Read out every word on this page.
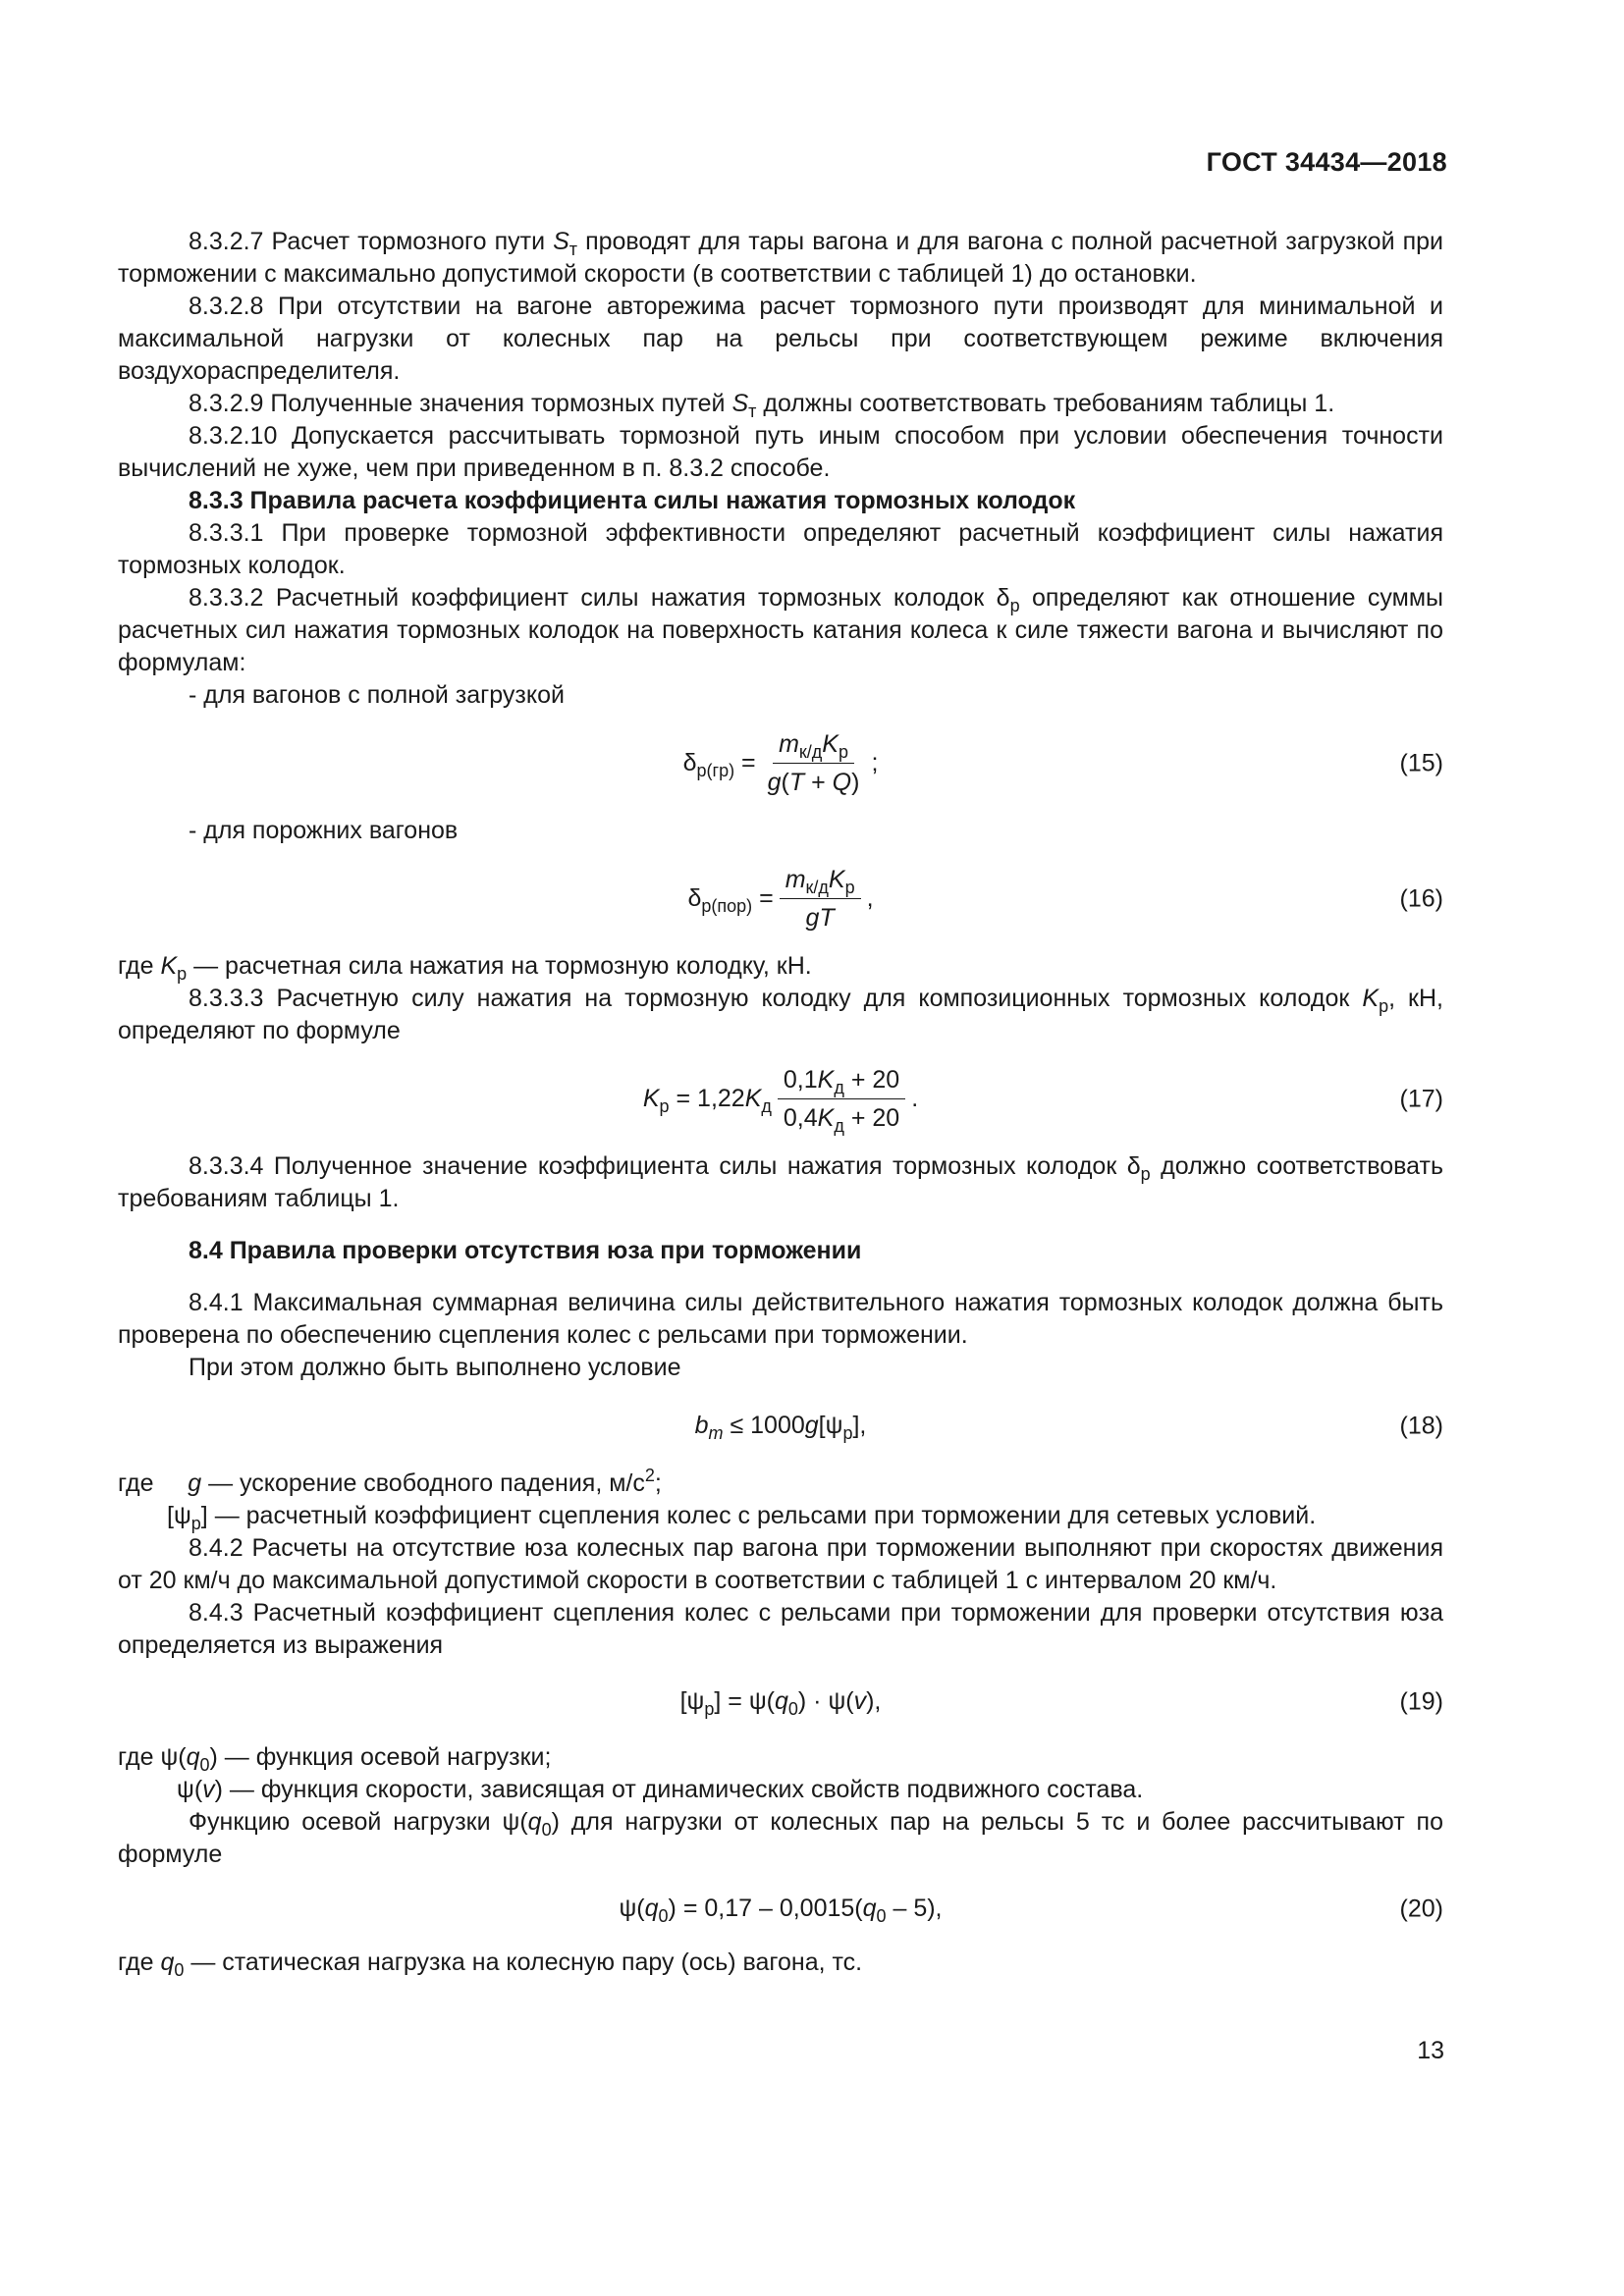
ГОСТ 34434—2018

8.3.2.7 Расчет тормозного пути $S_т$ проводят для тары вагона и для вагона с полной расчетной загрузкой при торможении с максимально допустимой скорости (в соответствии с таблицей 1) до остановки.

8.3.2.8 При отсутствии на вагоне авторежима расчет тормозного пути производят для минимальной и максимальной нагрузки от колесных пар на рельсы при соответствующем режиме включения воздухораспределителя.

8.3.2.9 Полученные значения тормозных путей $S_т$ должны соответствовать требованиям таблицы 1.

8.3.2.10 Допускается рассчитывать тормозной путь иным способом при условии обеспечения точности вычислений не хуже, чем при приведенном в п. 8.3.2 способе.

8.3.3 Правила расчета коэффициента силы нажатия тормозных колодок

8.3.3.1 При проверке тормозной эффективности определяют расчетный коэффициент силы нажатия тормозных колодок.

8.3.3.2 Расчетный коэффициент силы нажатия тормозных колодок $\delta_р$ определяют как отношение суммы расчетных сил нажатия тормозных колодок на поверхность катания колеса к силе тяжести вагона и вычисляют по формулам:

- для вагонов с полной загрузкой

$\delta_{р(гр)} = \frac{m_{к/д}K_р}{g(T + Q)}$ ;	(15)

- для порожних вагонов

$\delta_{р(пор)} = \frac{m_{к/д}K_р}{gT}$ ,	(16)

где $K_р$ — расчетная сила нажатия на тормозную колодку, кН.

8.3.3.3 Расчетную силу нажатия на тормозную колодку для композиционных тормозных колодок $K_р$, кН, определяют по формуле

$K_р = 1,22K_д \frac{0,1K_д + 20}{0,4K_д + 20}$ .	(17)

8.3.3.4 Полученное значение коэффициента силы нажатия тормозных колодок $\delta_р$ должно соответствовать требованиям таблицы 1.

8.4 Правила проверки отсутствия юза при торможении

8.4.1 Максимальная суммарная величина силы действительного нажатия тормозных колодок должна быть проверена по обеспечению сцепления колес с рельсами при торможении.

При этом должно быть выполнено условие

$b_m \le 1000g[\psi_р]$,	(18)

где g — ускорение свободного падения, $м/с^2$;

$[\psi_р]$ — расчетный коэффициент сцепления колес с рельсами при торможении для сетевых условий.

8.4.2 Расчеты на отсутствие юза колесных пар вагона при торможении выполняют при скоростях движения от 20 км/ч до максимальной допустимой скорости в соответствии с таблицей 1 с интервалом 20 км/ч.

8.4.3 Расчетный коэффициент сцепления колес с рельсами при торможении для проверки отсутствия юза определяется из выражения

$[\psi_р] = \psi(q_0) \cdot \psi(v)$,	(19)

где $\psi(q_0)$ — функция осевой нагрузки;

ψ(v) — функция скорости, зависящая от динамических свойств подвижного состава.

Функцию осевой нагрузки $\psi(q_0)$ для нагрузки от колесных пар на рельсы 5 тс и более рассчитывают по формуле

$\psi(q_0) = 0,17 - 0,0015(q_0 - 5)$,	(20)

где $q_0$ — статическая нагрузка на колесную пару (ось) вагона, тс.

13
